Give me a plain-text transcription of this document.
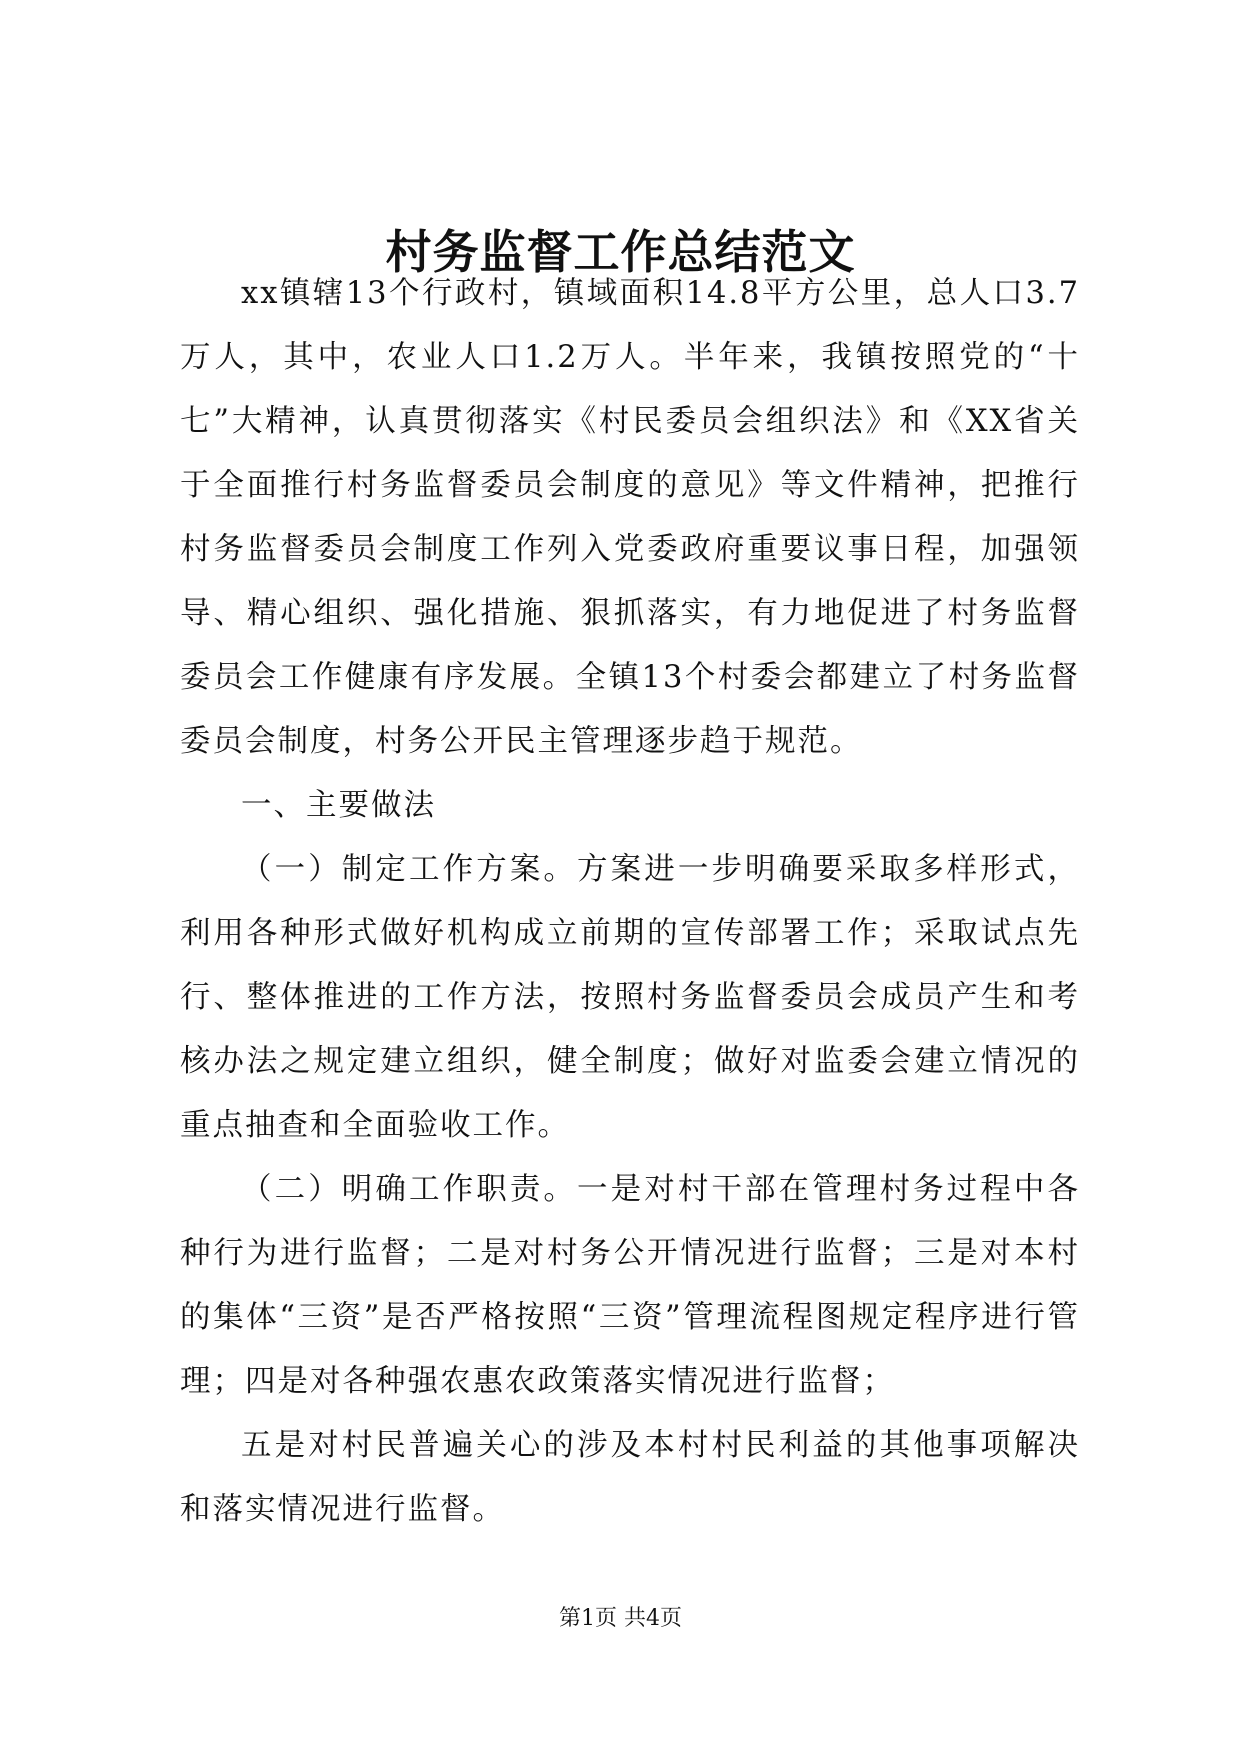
村务监督工作总结范文

xx镇辖13个行政村，镇域面积14.8平方公里，总人口3.7万人，其中，农业人口1.2万人。半年来，我镇按照党的“十七”大精神，认真贯彻落实《村民委员会组织法》和《XX省关于全面推行村务监督委员会制度的意见》等文件精神，把推行村务监督委员会制度工作列入党委政府重要议事日程，加强领导、精心组织、强化措施、狠抓落实，有力地促进了村务监督委员会工作健康有序发展。全镇13个村委会都建立了村务监督委员会制度，村务公开民主管理逐步趋于规范。

一、主要做法

（一）制定工作方案。方案进一步明确要采取多样形式，利用各种形式做好机构成立前期的宣传部署工作；采取试点先行、整体推进的工作方法，按照村务监督委员会成员产生和考核办法之规定建立组织，健全制度；做好对监委会建立情况的重点抽查和全面验收工作。

（二）明确工作职责。一是对村干部在管理村务过程中各种行为进行监督；二是对村务公开情况进行监督；三是对本村的集体“三资”是否严格按照“三资”管理流程图规定程序进行管理；四是对各种强农惠农政策落实情况进行监督；

五是对村民普遍关心的涉及本村村民利益的其他事项解决和落实情况进行监督。

第1页 共4页
